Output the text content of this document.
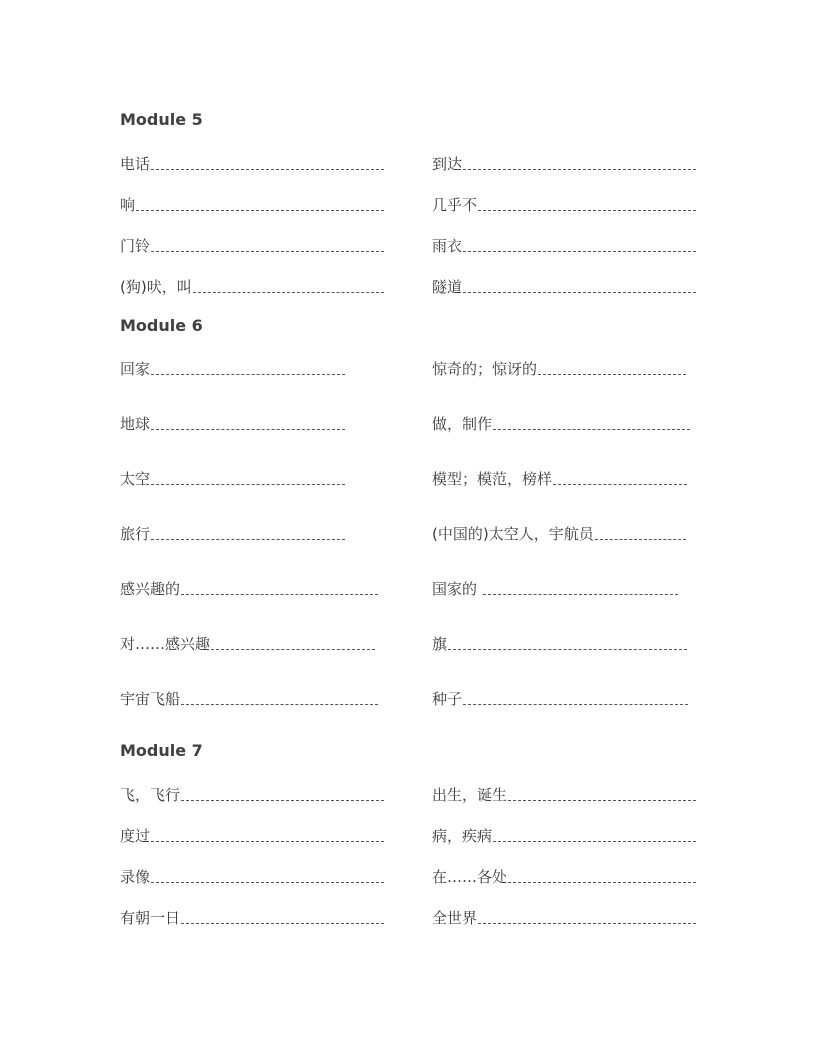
Module 5
电话
响
门铃
(狗)吠，叫
到达
几乎不
雨衣
隧道
Module 6
回家
地球
太空
旅行
感兴趣的
对……感兴趣
宇宙飞船
惊奇的；惊讶的
做，制作
模型；模范，榜样
(中国的)太空人，宇航员
国家的
旗
种子
Module 7
飞，飞行
度过
录像
有朝一日
出生，诞生
病，疾病
在……各处
全世界
